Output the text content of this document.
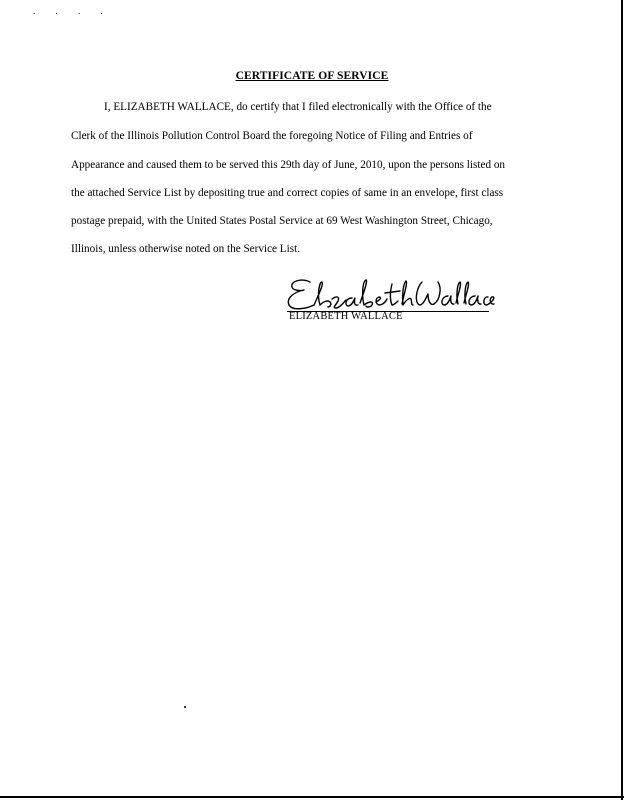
. . . .
CERTIFICATE OF SERVICE
I, ELIZABETH WALLACE, do certify that I filed electronically with the Office of the
Clerk of the Illinois Pollution Control Board the foregoing Notice of Filing and Entries of
Appearance and caused them to be served this 29th day of June, 2010, upon the persons listed on
the attached Service List by depositing true and correct copies of same in an envelope, first class
postage prepaid, with the United States Postal Service at 69 West Washington Street, Chicago,
Illinois, unless otherwise noted on the Service List.
ELIZABETH WALLACE
